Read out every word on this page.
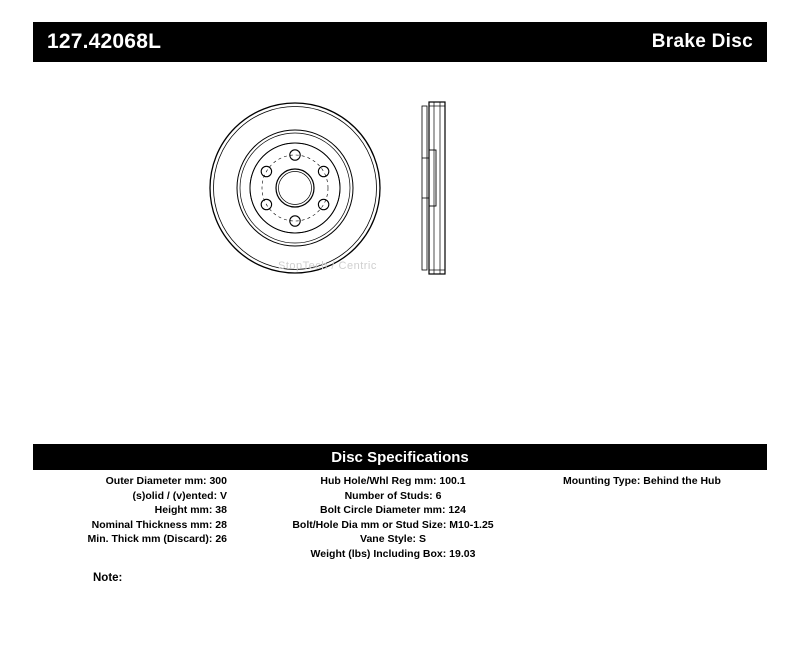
127.42068L	Brake Disc
StopTech / Centric
Disc Specifications
Outer Diameter mm: 300
(s)olid / (v)ented: V
Height mm: 38
Nominal Thickness mm: 28
Min. Thick mm (Discard): 26
Hub Hole/Whl Reg mm: 100.1
Number of Studs: 6
Bolt Circle Diameter mm: 124
Bolt/Hole Dia mm or Stud Size: M10-1.25
Vane Style: S
Weight (lbs) Including Box: 19.03
Mounting Type: Behind the Hub
Note:
